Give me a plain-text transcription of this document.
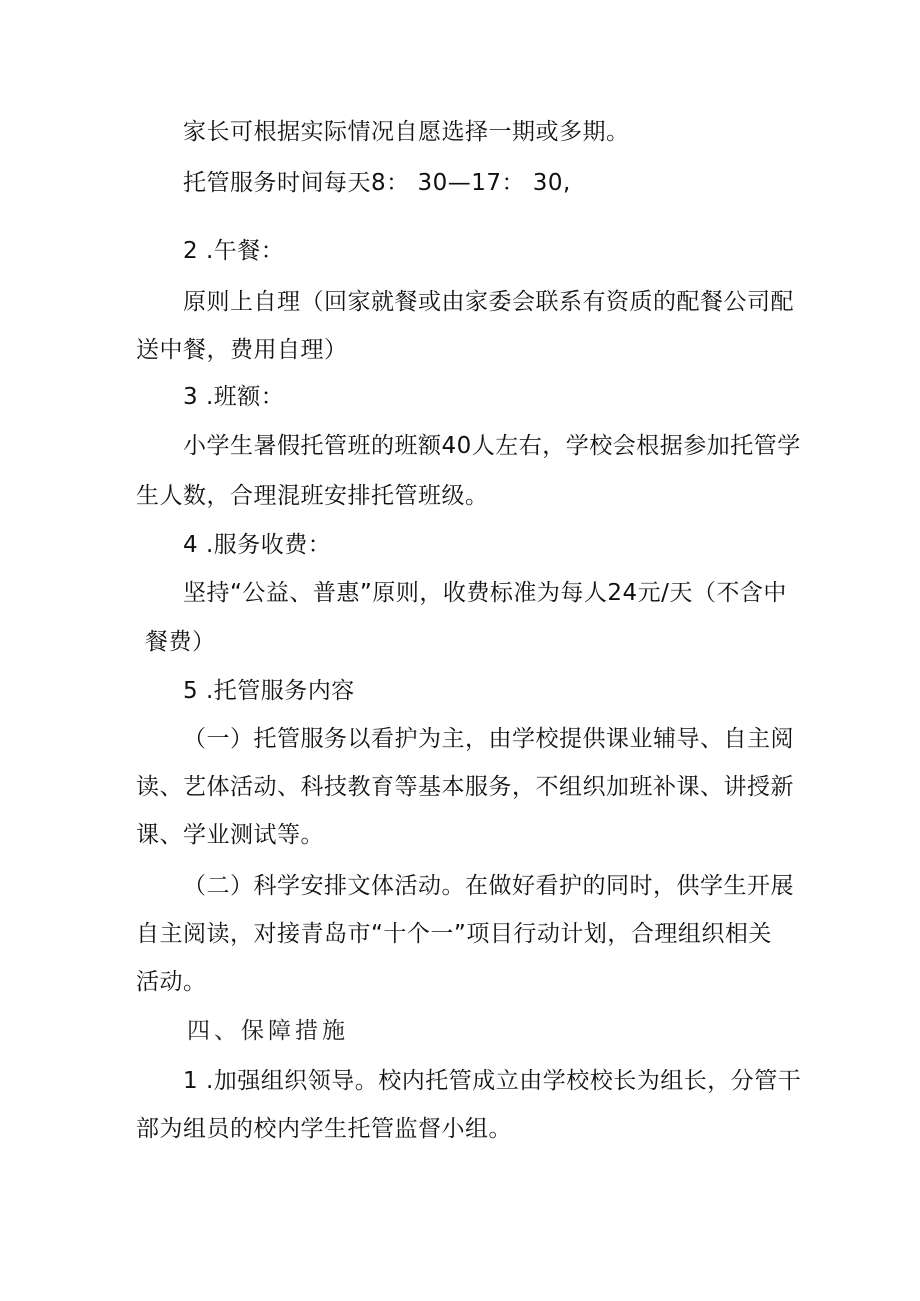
家长可根据实际情况自愿选择一期或多期。
托管服务时间每天8： 30—17： 30,
2 .午餐：
原则上自理（回家就餐或由家委会联系有资质的配餐公司配
送中餐，费用自理）
3 .班额：
小学生暑假托管班的班额40人左右，学校会根据参加托管学
生人数，合理混班安排托管班级。
4 .服务收费：
坚持“公益、普惠”原则，收费标准为每人24元/天（不含中
餐费）
5 .托管服务内容
（一）托管服务以看护为主，由学校提供课业辅导、自主阅
读、艺体活动、科技教育等基本服务，不组织加班补课、讲授新
课、学业测试等。
（二）科学安排文体活动。在做好看护的同时，供学生开展
自主阅读，对接青岛市“十个一”项目行动计划，合理组织相关
活动。
四、保障措施
1 .加强组织领导。校内托管成立由学校校长为组长，分管干
部为组员的校内学生托管监督小组。
